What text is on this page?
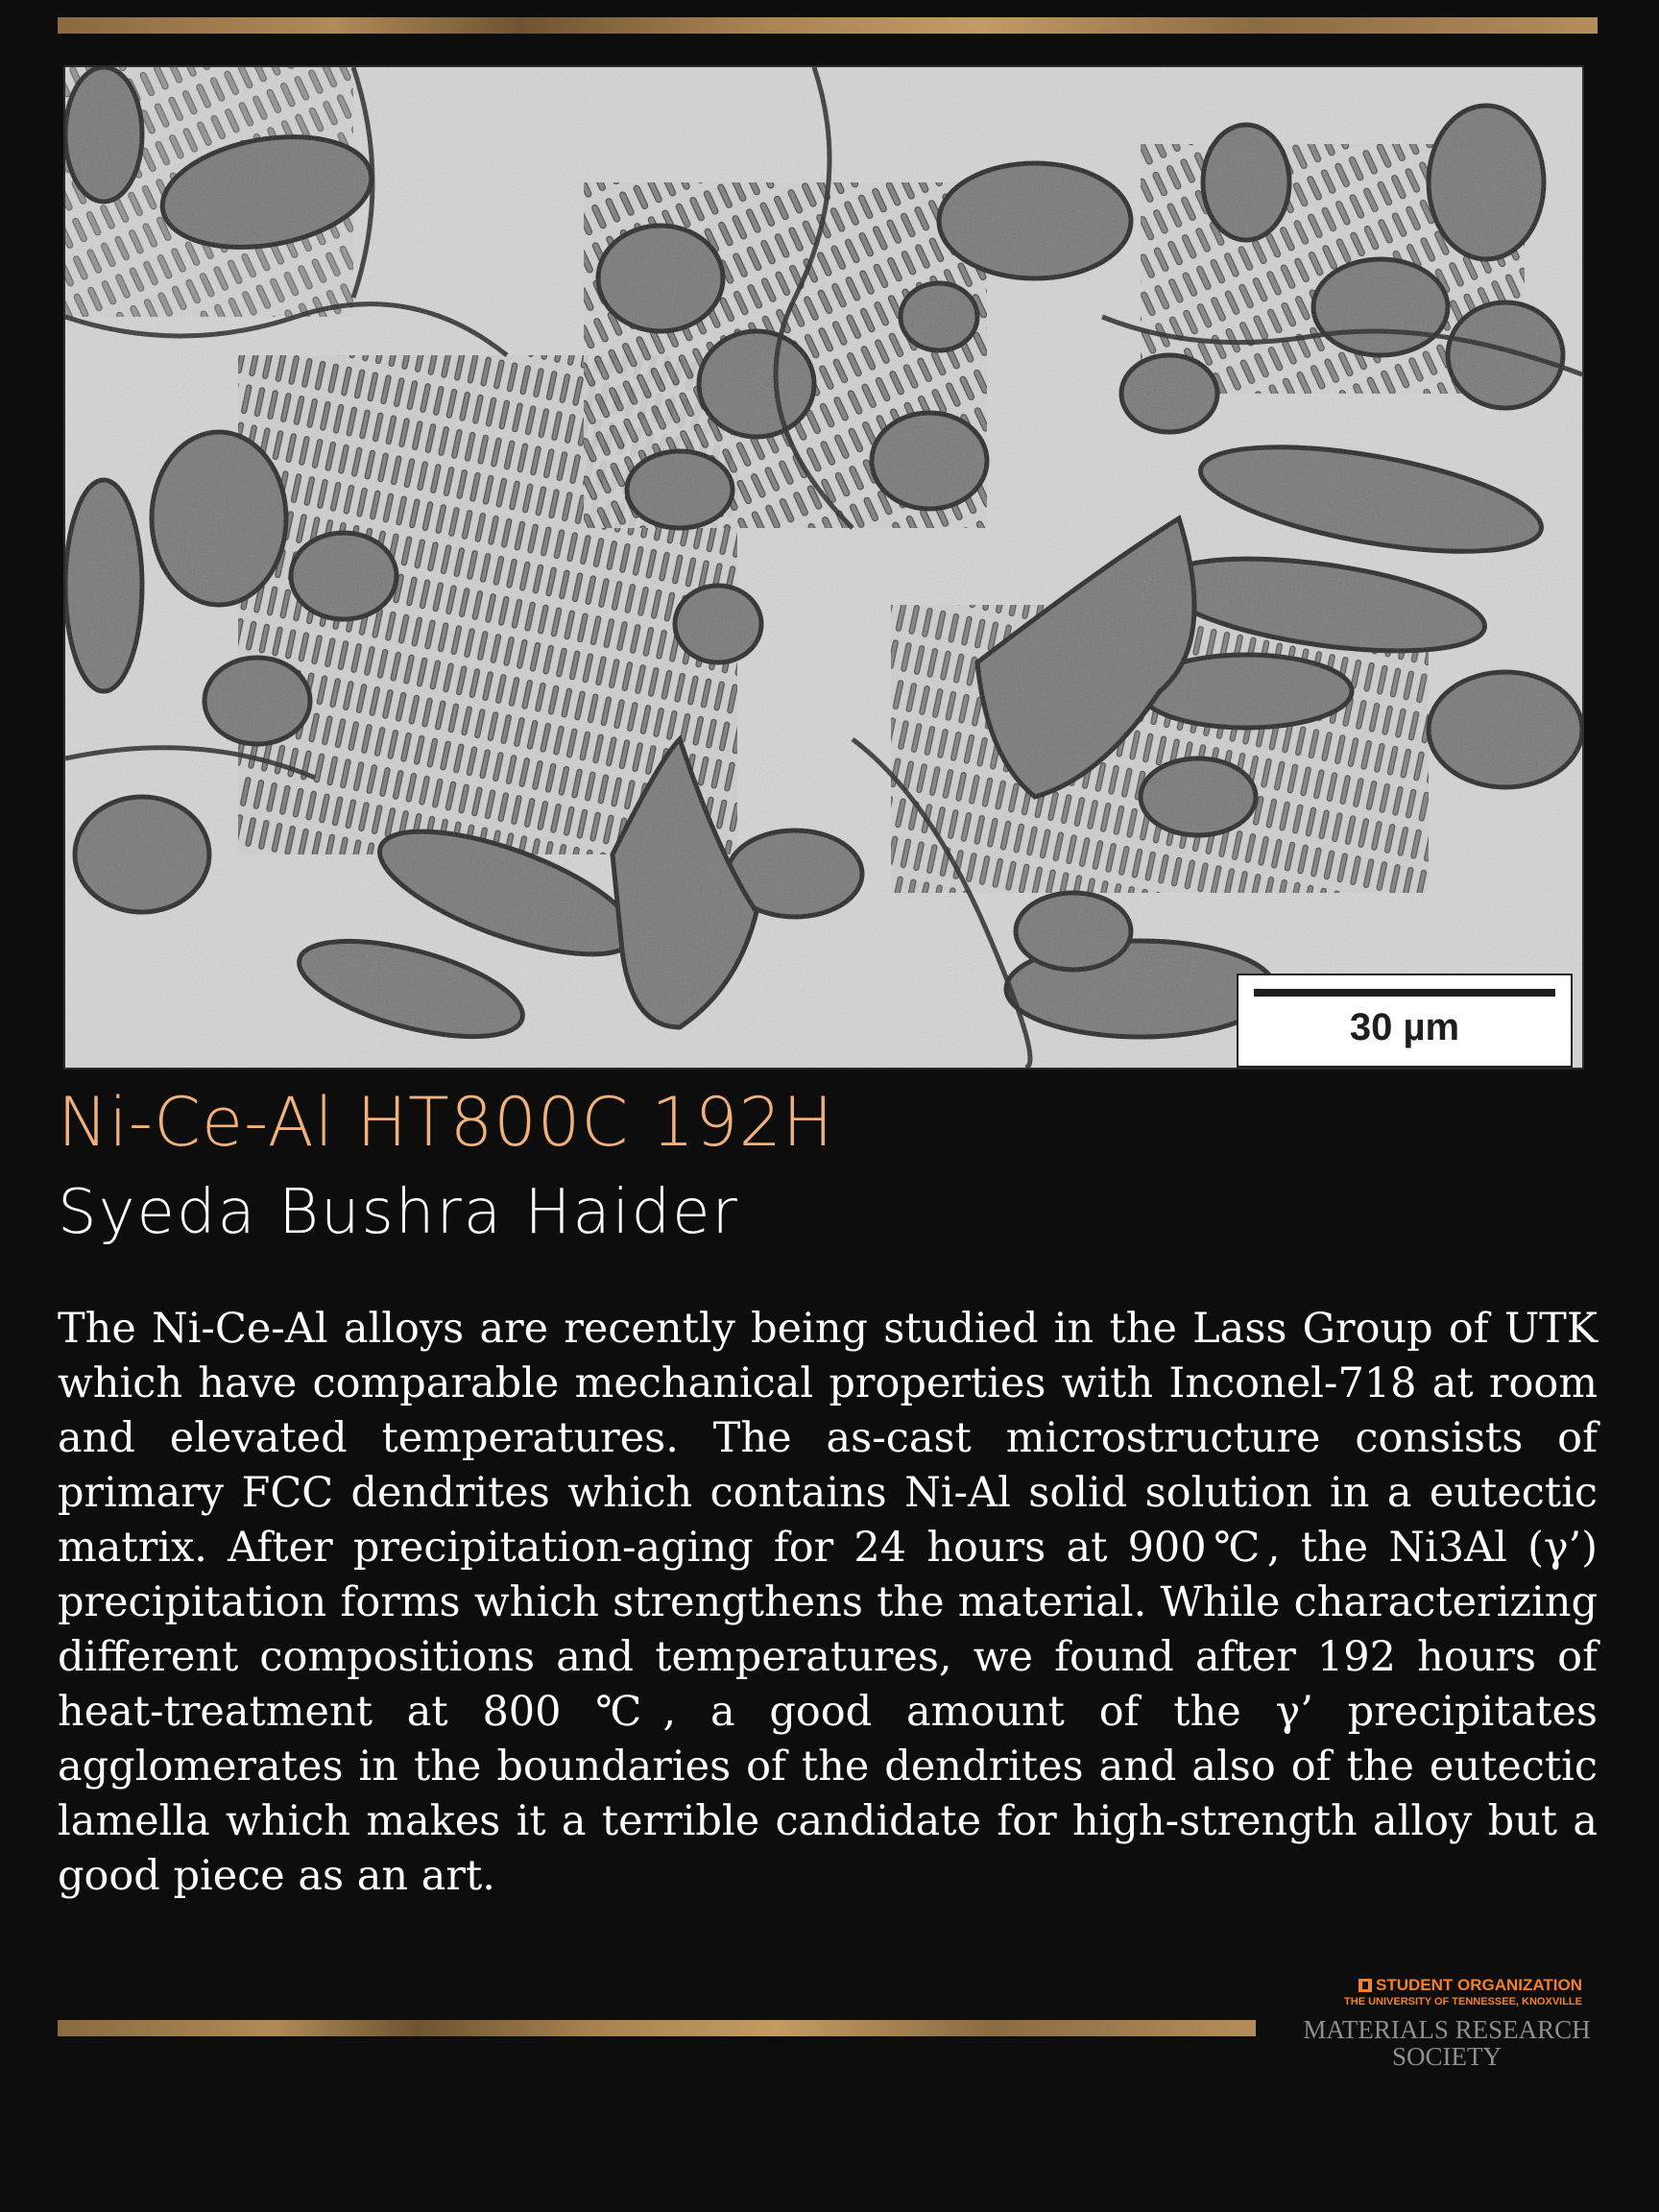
30 µm
Ni-Ce-Al HT800C 192H
Syeda Bushra Haider

The Ni-Ce-Al alloys are recently being studied in the Lass Group of UTK which have comparable mechanical properties with Inconel-718 at room and elevated temperatures. The as-cast microstructure consists of primary FCC dendrites which contains Ni-Al solid solution in a eutectic matrix. After precipitation-aging for 24 hours at 900℃, the Ni3Al (γ’) precipitation forms which strengthens the material. While characterizing different compositions and temperatures, we found after 192 hours of heat-treatment at 800 ℃, a good amount of the γ’ precipitates agglomerates in the boundaries of the dendrites and also of the eutectic lamella which makes it a terrible candidate for high-strength alloy but a good piece as an art.

STUDENT ORGANIZATION
THE UNIVERSITY OF TENNESSEE, KNOXVILLE
MATERIALS RESEARCH SOCIETY
